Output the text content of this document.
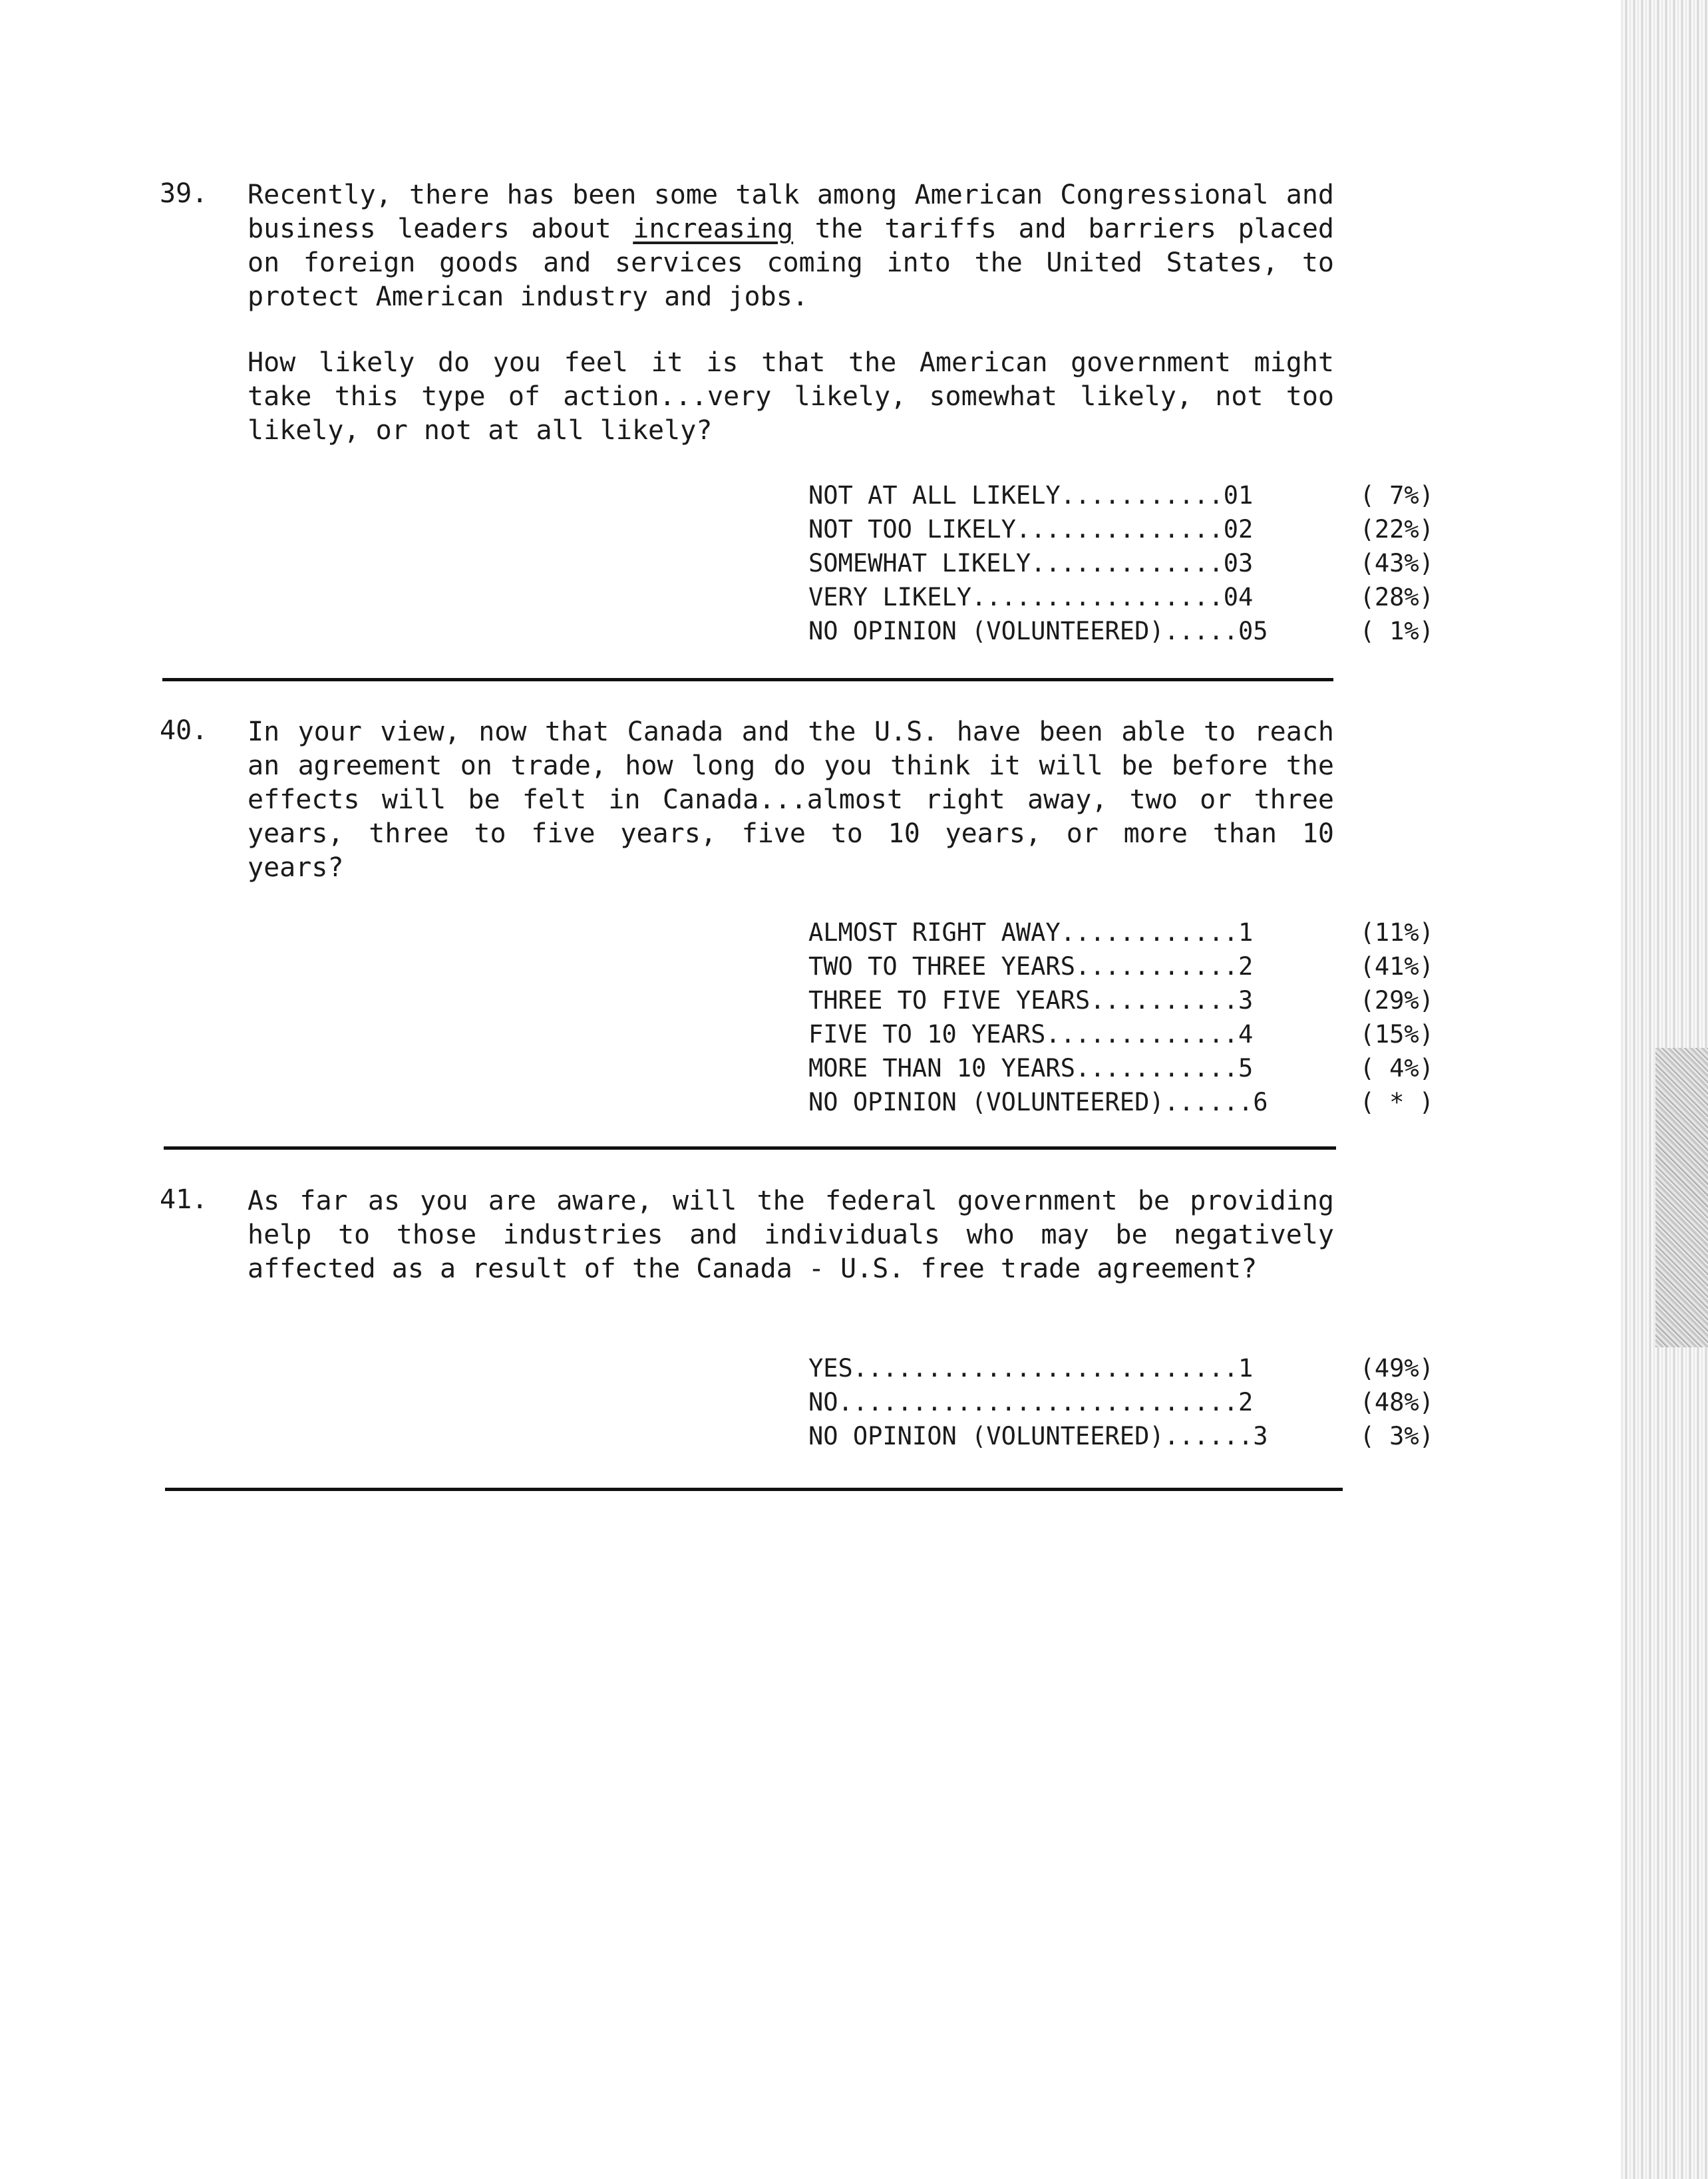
39. Recently, there has been some talk among American Congressional and business leaders about increasing the tariffs and barriers placed on foreign goods and services coming into the United States, to protect American industry and jobs.

How likely do you feel it is that the American government might take this type of action...very likely, somewhat likely, not too likely, or not at all likely?

NOT AT ALL LIKELY...........01	( 7%)
NOT TOO LIKELY..............02	(22%)
SOMEWHAT LIKELY.............03	(43%)
VERY LIKELY.................04	(28%)
NO OPINION (VOLUNTEERED).....05	( 1%)
40. In your view, now that Canada and the U.S. have been able to reach an agreement on trade, how long do you think it will be before the effects will be felt in Canada...almost right away, two or three years, three to five years, five to 10 years, or more than 10 years?

ALMOST RIGHT AWAY............1	(11%)
TWO TO THREE YEARS...........2	(41%)
THREE TO FIVE YEARS..........3	(29%)
FIVE TO 10 YEARS.............4	(15%)
MORE THAN 10 YEARS...........5	( 4%)
NO OPINION (VOLUNTEERED)......6	( * )
41. As far as you are aware, will the federal government be providing help to those industries and individuals who may be negatively affected as a result of the Canada - U.S. free trade agreement?

YES..........................1	(49%)
NO...........................2	(48%)
NO OPINION (VOLUNTEERED)......3	( 3%)
